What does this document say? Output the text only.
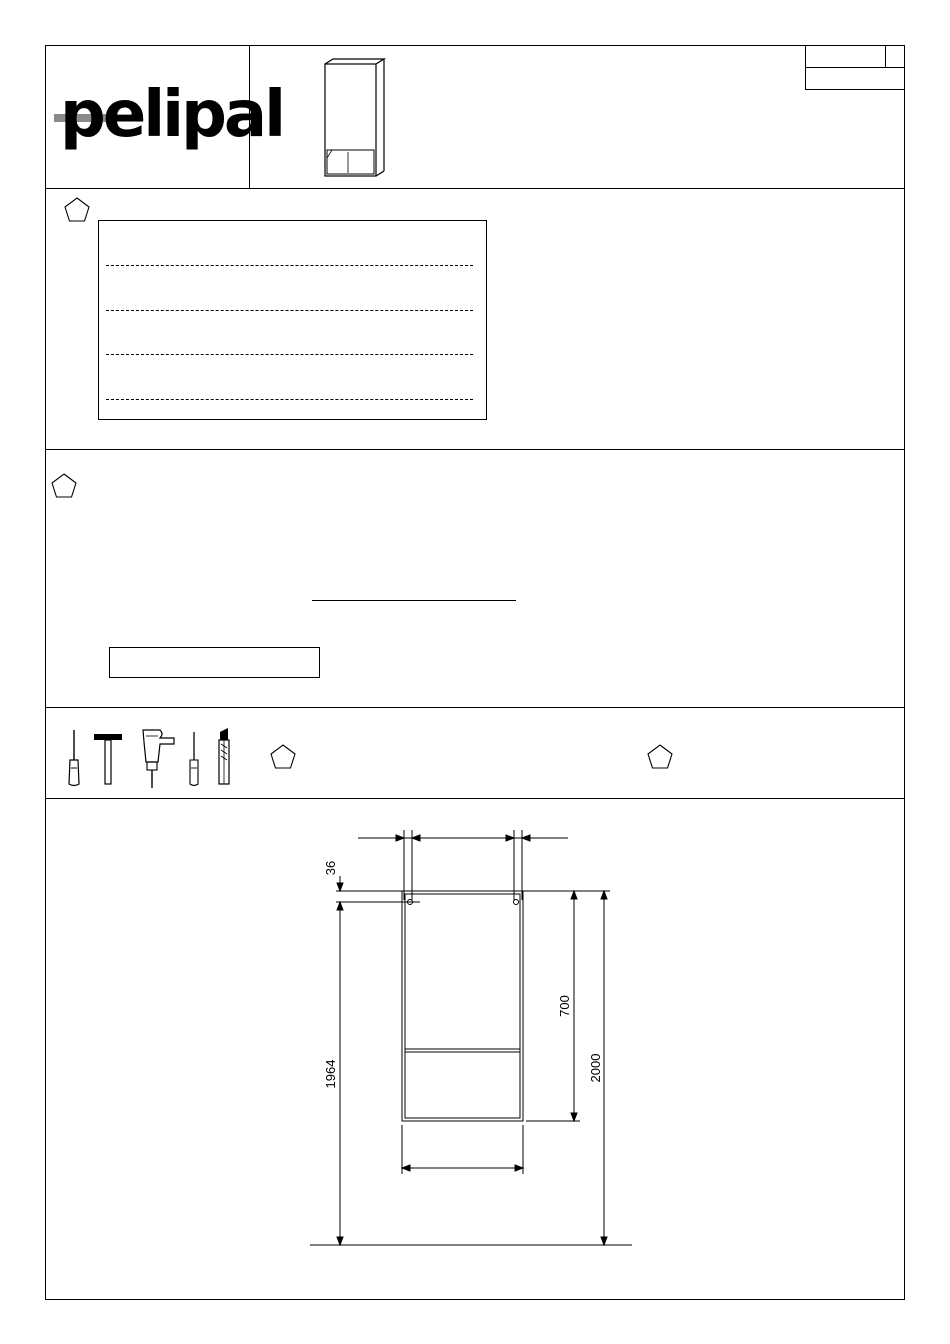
pelipal
36
1964
700
2000
